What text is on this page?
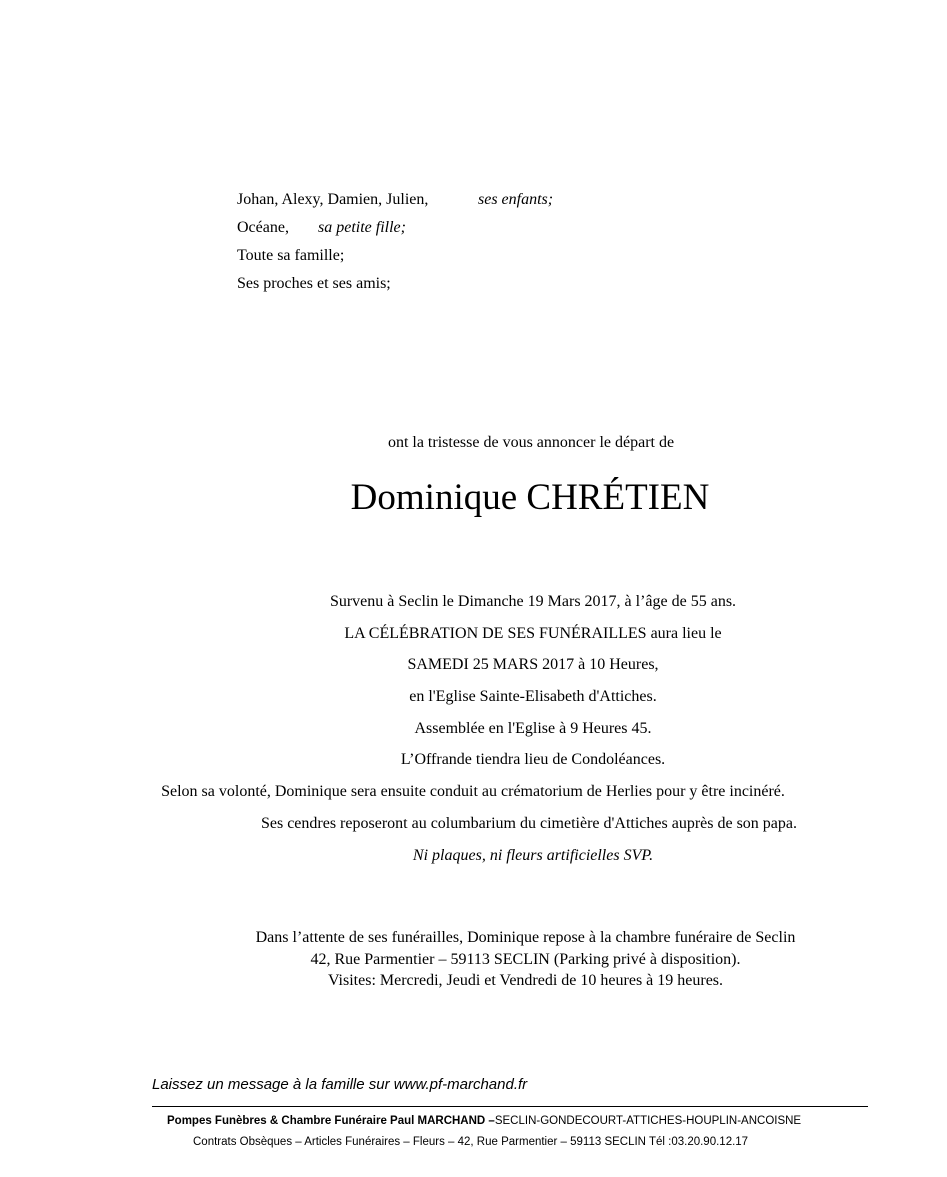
Johan, Alexy, Damien, Julien,	ses enfants;
Océane, sa petite fille;
Toute sa famille;
Ses proches et ses amis;
ont la tristesse de vous annoncer le départ de
Dominique CHRÉTIEN
Survenu à Seclin le Dimanche 19 Mars 2017, à l’âge de 55 ans.
LA CÉLÉBRATION DE SES FUNÉRAILLES aura lieu le
SAMEDI 25 MARS 2017 à 10 Heures,
en l'Eglise Sainte-Elisabeth d'Attiches.
Assemblée en l'Eglise à 9 Heures 45.
L’Offrande tiendra lieu de Condoléances.
Selon sa volonté, Dominique sera ensuite conduit au crématorium de Herlies pour y être incinéré.
Ses cendres reposeront au columbarium du cimetière d'Attiches auprès de son papa.
Ni plaques, ni fleurs artificielles SVP.
Dans l’attente de ses funérailles, Dominique repose à la chambre funéraire de Seclin
42, Rue Parmentier – 59113 SECLIN (Parking privé à disposition).
Visites: Mercredi, Jeudi et Vendredi de 10 heures à 19 heures.
Laissez un message à la famille sur www.pf-marchand.fr
Pompes Funèbres & Chambre Funéraire Paul MARCHAND –SECLIN-GONDECOURT-ATTICHES-HOUPLIN-ANCOISNE
Contrats Obsèques – Articles Funéraires – Fleurs – 42, Rue Parmentier – 59113 SECLIN Tél :03.20.90.12.17
